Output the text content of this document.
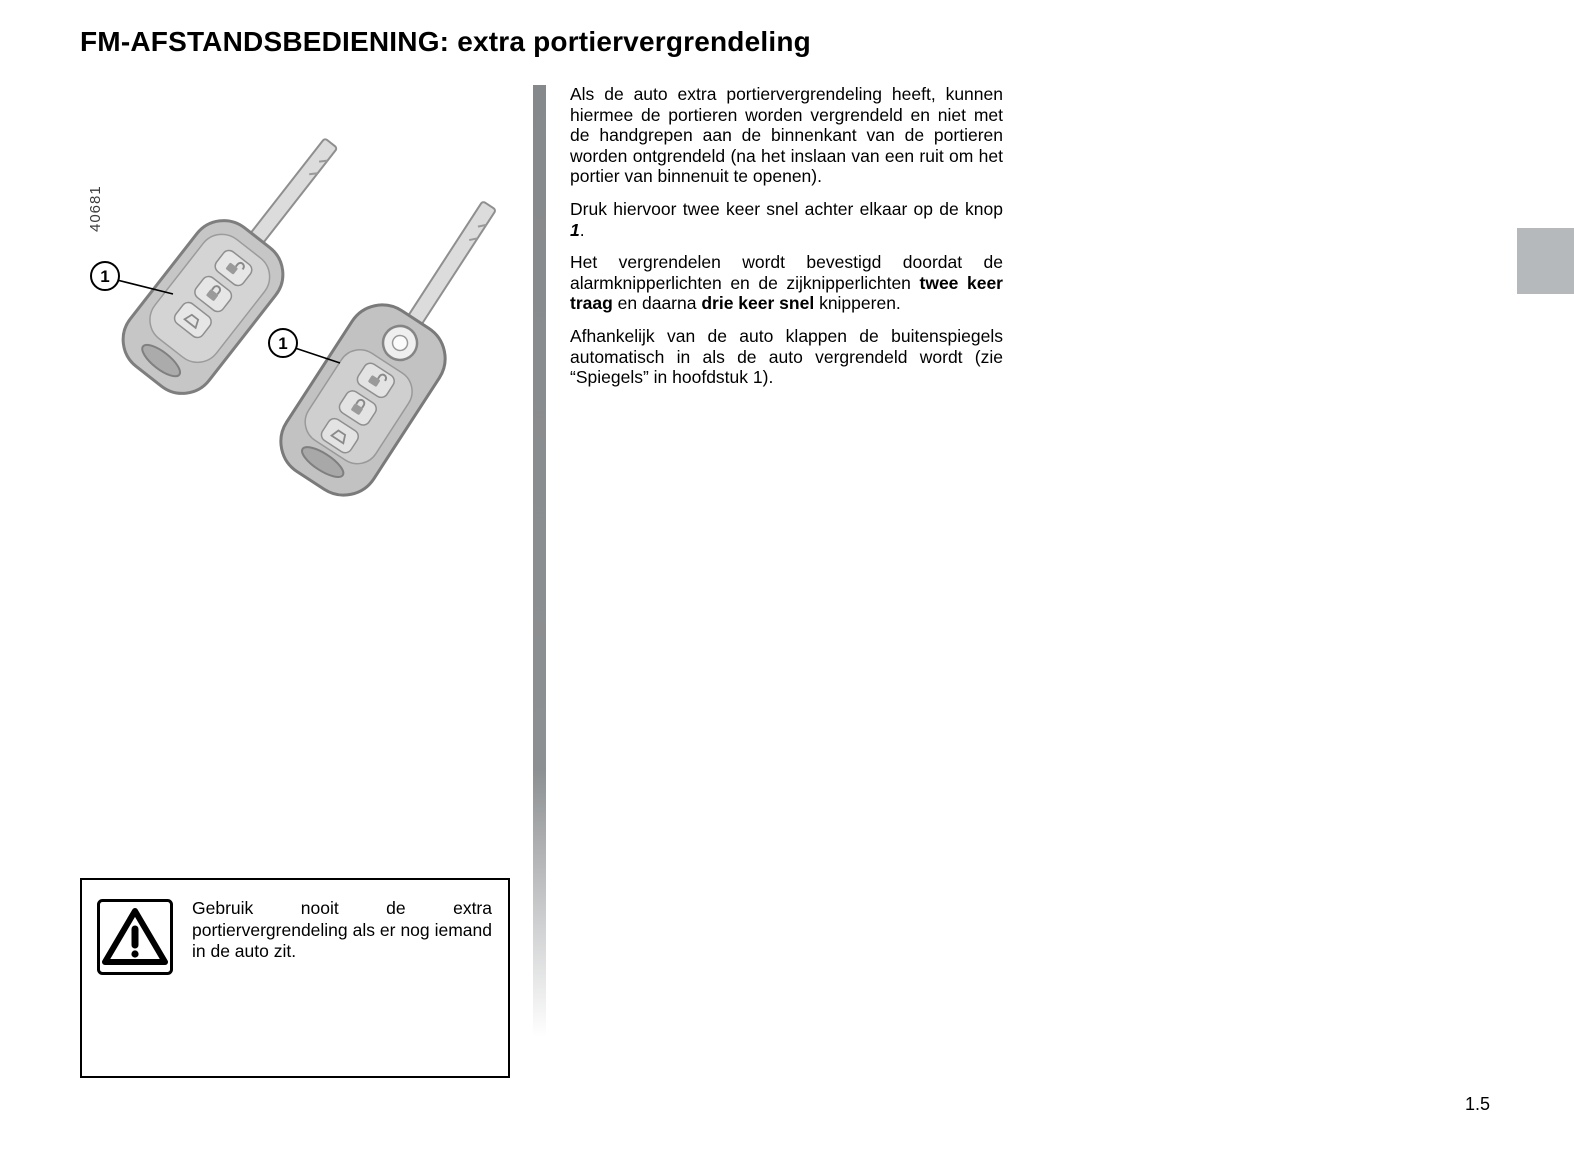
FM-AFSTANDSBEDIENING: extra portiervergrendeling
40681
1
1

Als de auto extra portiervergrendeling heeft, kunnen hiermee de portieren worden vergrendeld en niet met de handgrepen aan de binnenkant van de portieren worden ontgrendeld (na het inslaan van een ruit om het portier van binnenuit te openen).

Druk hiervoor twee keer snel achter elkaar op de knop 1.

Het vergrendelen wordt bevestigd doordat de alarmknipperlichten en de zijknipperlichten twee keer traag en daarna drie keer snel knipperen.

Afhankelijk van de auto klappen de buitenspiegels automatisch in als de auto vergrendeld wordt (zie “Spiegels” in hoofdstuk 1).

Gebruik nooit de extra portiervergrendeling als er nog iemand in de auto zit.

1.5
